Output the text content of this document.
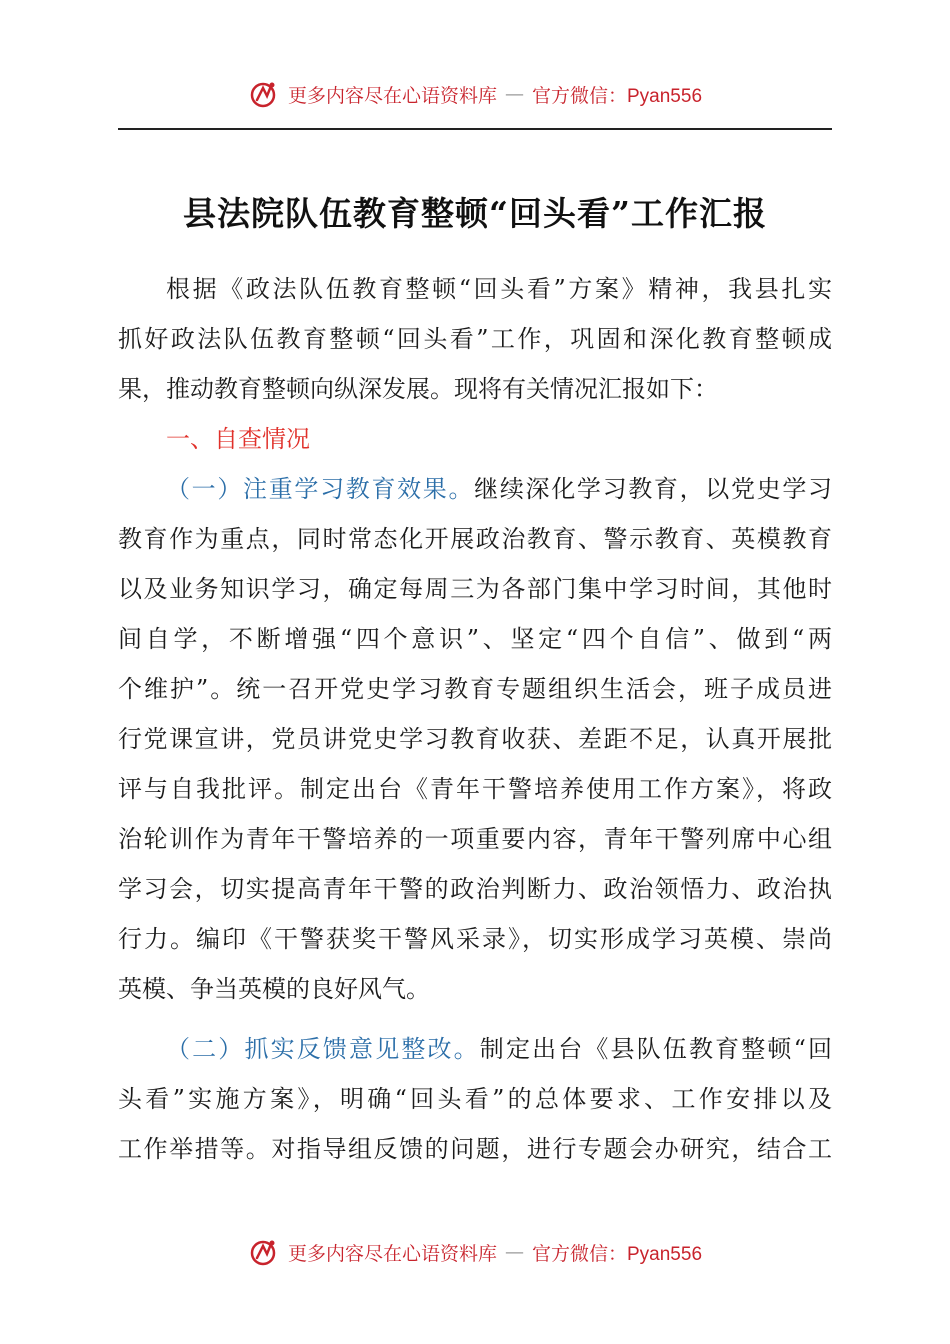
更多内容尽在心语资料库 — 官方微信：Pyan556
县法院队伍教育整顿“回头看”工作汇报
根据《政法队伍教育整顿“回头看”方案》精神，我县扎实
抓好政法队伍教育整顿“回头看”工作，巩固和深化教育整顿成
果，推动教育整顿向纵深发展。现将有关情况汇报如下：
一、自查情况
（一）注重学习教育效果。继续深化学习教育，以党史学习
教育作为重点，同时常态化开展政治教育、警示教育、英模教育
以及业务知识学习，确定每周三为各部门集中学习时间，其他时
间自学，不断增强“四个意识”、坚定“四个自信”、做到“两
个维护”。统一召开党史学习教育专题组织生活会，班子成员进
行党课宣讲，党员讲党史学习教育收获、差距不足，认真开展批
评与自我批评。制定出台《青年干警培养使用工作方案》，将政
治轮训作为青年干警培养的一项重要内容，青年干警列席中心组
学习会，切实提高青年干警的政治判断力、政治领悟力、政治执
行力。编印《干警获奖干警风采录》，切实形成学习英模、崇尚
英模、争当英模的良好风气。
（二）抓实反馈意见整改。制定出台《县队伍教育整顿“回
头看”实施方案》，明确“回头看”的总体要求、工作安排以及
工作举措等。对指导组反馈的问题，进行专题会办研究，结合工
更多内容尽在心语资料库 — 官方微信：Pyan556
